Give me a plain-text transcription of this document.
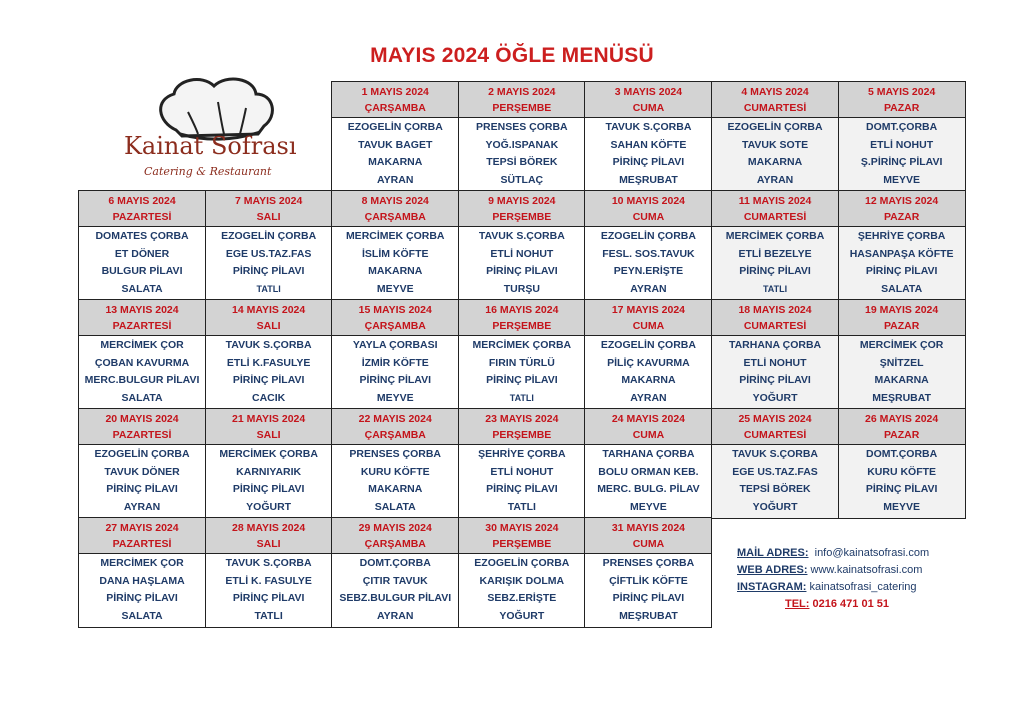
MAYIS 2024 ÖĞLE MENÜSÜ
Kainat Sofrası
Catering & Restaurant
1 MAYIS 2024
ÇARŞAMBA
EZOGELİN ÇORBA
TAVUK BAGET
MAKARNA
AYRAN
2 MAYIS 2024
PERŞEMBE
PRENSES ÇORBA
YOĞ.ISPANAK
TEPSİ BÖREK
SÜTLAÇ
3 MAYIS 2024
CUMA
TAVUK S.ÇORBA
SAHAN KÖFTE
PİRİNÇ PİLAVI
MEŞRUBAT
4 MAYIS 2024
CUMARTESİ
EZOGELİN ÇORBA
TAVUK SOTE
MAKARNA
AYRAN
5 MAYIS 2024
PAZAR
DOMT.ÇORBA
ETLİ NOHUT
Ş.PİRİNÇ PİLAVI
MEYVE
6 MAYIS 2024
PAZARTESİ
DOMATES ÇORBA
ET DÖNER
BULGUR PİLAVI
SALATA
7 MAYIS 2024
SALI
EZOGELİN ÇORBA
EGE US.TAZ.FAS
PİRİNÇ PİLAVI
TATLI
8 MAYIS 2024
ÇARŞAMBA
MERCİMEK ÇORBA
İSLİM KÖFTE
MAKARNA
MEYVE
9 MAYIS 2024
PERŞEMBE
TAVUK S.ÇORBA
ETLİ NOHUT
PİRİNÇ PİLAVI
TURŞU
10 MAYIS 2024
CUMA
EZOGELİN ÇORBA
FESL. SOS.TAVUK
PEYN.ERİŞTE
AYRAN
11 MAYIS 2024
CUMARTESİ
MERCİMEK ÇORBA
ETLİ BEZELYE
PİRİNÇ PİLAVI
TATLI
12 MAYIS 2024
PAZAR
ŞEHRİYE ÇORBA
HASANPAŞA KÖFTE
PİRİNÇ PİLAVI
SALATA
13 MAYIS 2024
PAZARTESİ
MERCİMEK ÇOR
ÇOBAN KAVURMA
MERC.BULGUR PİLAVI
SALATA
14 MAYIS 2024
SALI
TAVUK S.ÇORBA
ETLİ K.FASULYE
PİRİNÇ PİLAVI
CACIK
15 MAYIS 2024
ÇARŞAMBA
YAYLA ÇORBASI
İZMİR KÖFTE
PİRİNÇ PİLAVI
MEYVE
16 MAYIS 2024
PERŞEMBE
MERCİMEK ÇORBA
FIRIN TÜRLÜ
PİRİNÇ PİLAVI
TATLI
17 MAYIS 2024
CUMA
EZOGELİN ÇORBA
PİLİÇ KAVURMA
MAKARNA
AYRAN
18 MAYIS 2024
CUMARTESİ
TARHANA ÇORBA
ETLİ NOHUT
PİRİNÇ PİLAVI
YOĞURT
19 MAYIS 2024
PAZAR
MERCİMEK ÇOR
ŞNİTZEL
MAKARNA
MEŞRUBAT
20 MAYIS 2024
PAZARTESİ
EZOGELİN ÇORBA
TAVUK DÖNER
PİRİNÇ PİLAVI
AYRAN
21 MAYIS 2024
SALI
MERCİMEK ÇORBA
KARNIYARIK
PİRİNÇ PİLAVI
YOĞURT
22 MAYIS 2024
ÇARŞAMBA
PRENSES ÇORBA
KURU KÖFTE
MAKARNA
SALATA
23 MAYIS 2024
PERŞEMBE
ŞEHRİYE ÇORBA
ETLİ NOHUT
PİRİNÇ PİLAVI
TATLI
24 MAYIS 2024
CUMA
TARHANA ÇORBA
BOLU ORMAN KEB.
MERC. BULG. PİLAV
MEYVE
25 MAYIS 2024
CUMARTESİ
TAVUK S.ÇORBA
EGE US.TAZ.FAS
TEPSİ BÖREK
YOĞURT
26 MAYIS 2024
PAZAR
DOMT.ÇORBA
KURU KÖFTE
PİRİNÇ PİLAVI
MEYVE
27 MAYIS 2024
PAZARTESİ
MERCİMEK ÇOR
DANA HAŞLAMA
PİRİNÇ PİLAVI
SALATA
28 MAYIS 2024
SALI
TAVUK S.ÇORBA
ETLİ K. FASULYE
PİRİNÇ PİLAVI
TATLI
29 MAYIS 2024
ÇARŞAMBA
DOMT.ÇORBA
ÇITIR TAVUK
SEBZ.BULGUR PİLAVI
AYRAN
30 MAYIS 2024
PERŞEMBE
EZOGELİN ÇORBA
KARIŞIK DOLMA
SEBZ.ERİŞTE
YOĞURT
31 MAYIS 2024
CUMA
PRENSES ÇORBA
ÇİFTLİK KÖFTE
PİRİNÇ PİLAVI
MEŞRUBAT
MAİL ADRES: info@kainatsofrasi.com
WEB ADRES: www.kainatsofrasi.com
INSTAGRAM: kainatsofrasi_catering
TEL: 0216 471 01 51
